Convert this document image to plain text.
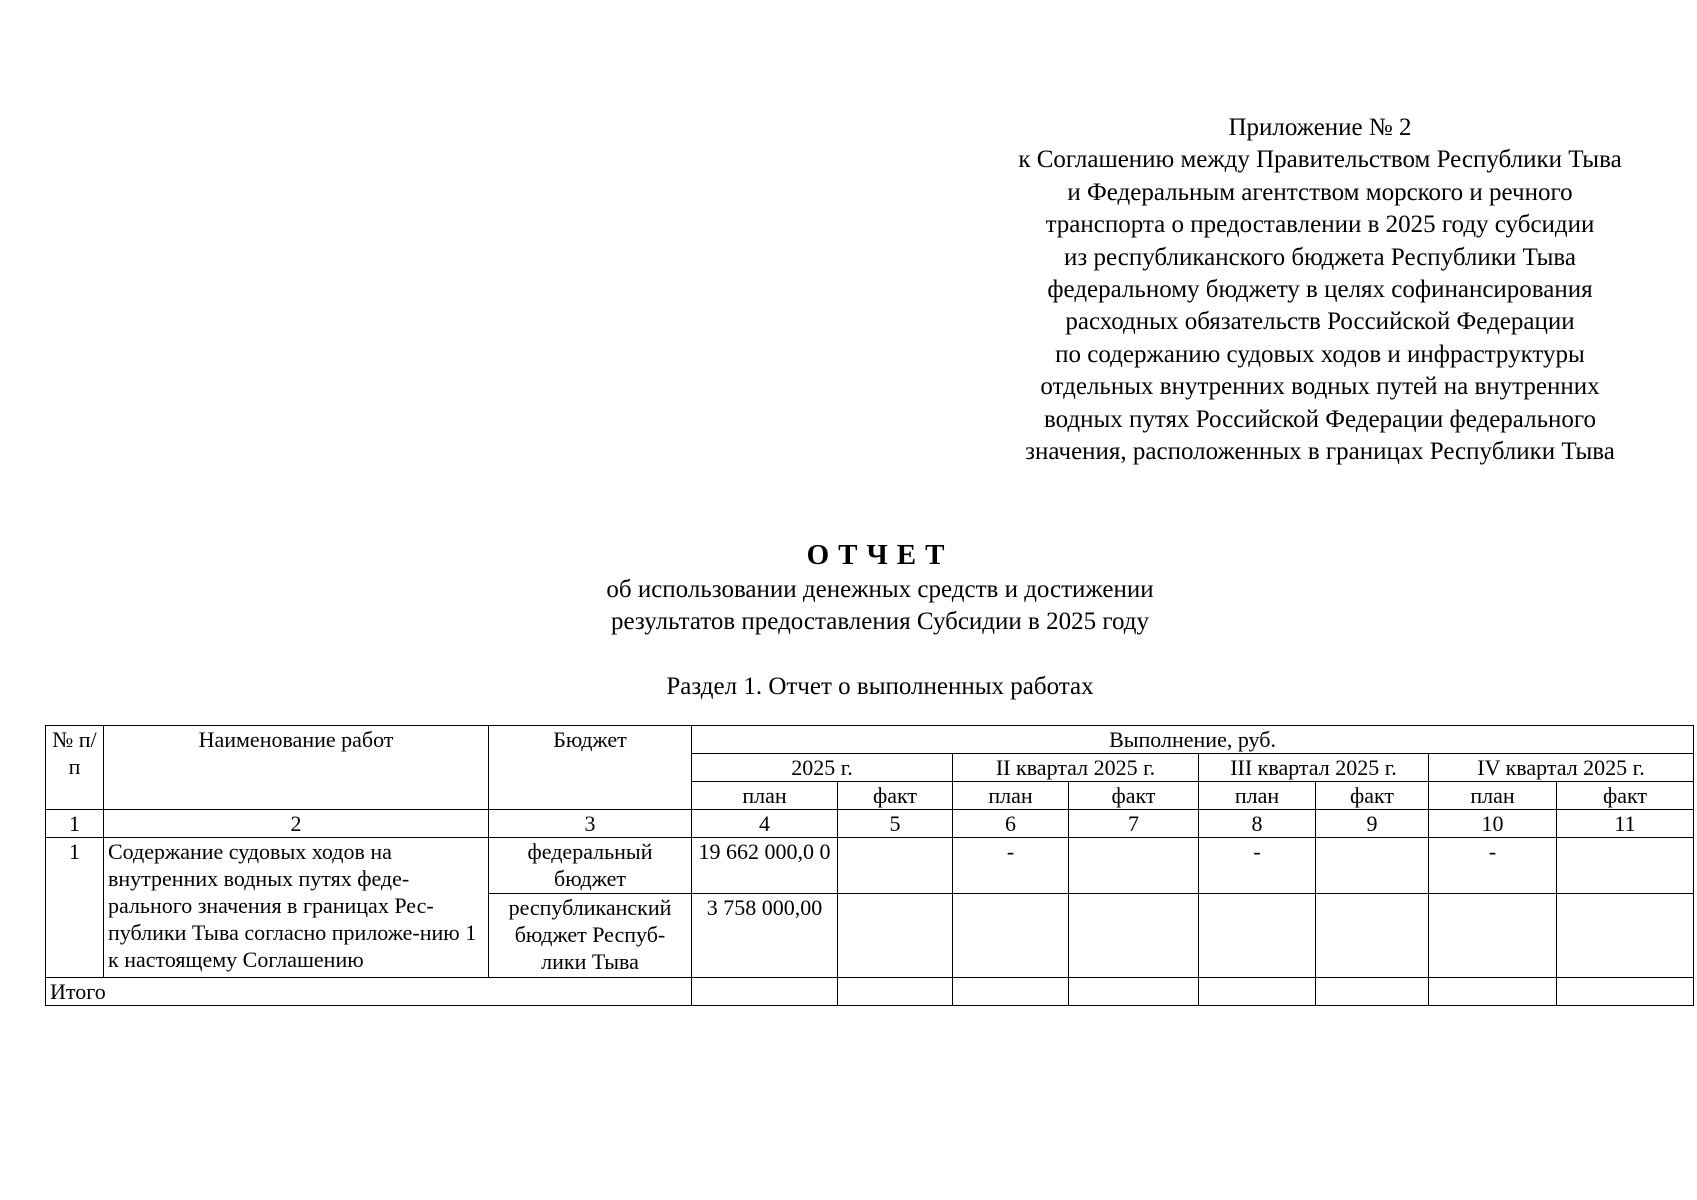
Приложение № 2
к Соглашению между Правительством Республики Тыва
и Федеральным агентством морского и речного
транспорта о предоставлении в 2025 году субсидии
из республиканского бюджета Республики Тыва
федеральному бюджету в целях софинансирования
расходных обязательств Российской Федерации
по содержанию судовых ходов и инфраструктуры
отдельных внутренних водных путей на внутренних
водных путях Российской Федерации федерального
значения, расположенных в границах Республики Тыва
ОТЧЕТ
об использовании денежных средств и достижении
результатов предоставления Субсидии в 2025 году
Раздел 1. Отчет о выполненных работах
№ п/п	Наименование работ	Бюджет	Выполнение, руб.							
			2025 г.		II квартал 2025 г.		III квартал 2025 г.		IV квартал 2025 г.	
			план	факт	план	факт	план	факт	план	факт
1	2	3	4	5	6	7	8	9	10	11
1	Содержание судовых ходов на внутренних водных путях феде-рального значения в границах Рес-публики Тыва согласно приложе-нию 1 к настоящему Соглашению	федеральный бюджет	19 662 000,0 0		-		-		-	
		республиканский бюджет Респуб-лики Тыва	3 758 000,00							
Итого										
